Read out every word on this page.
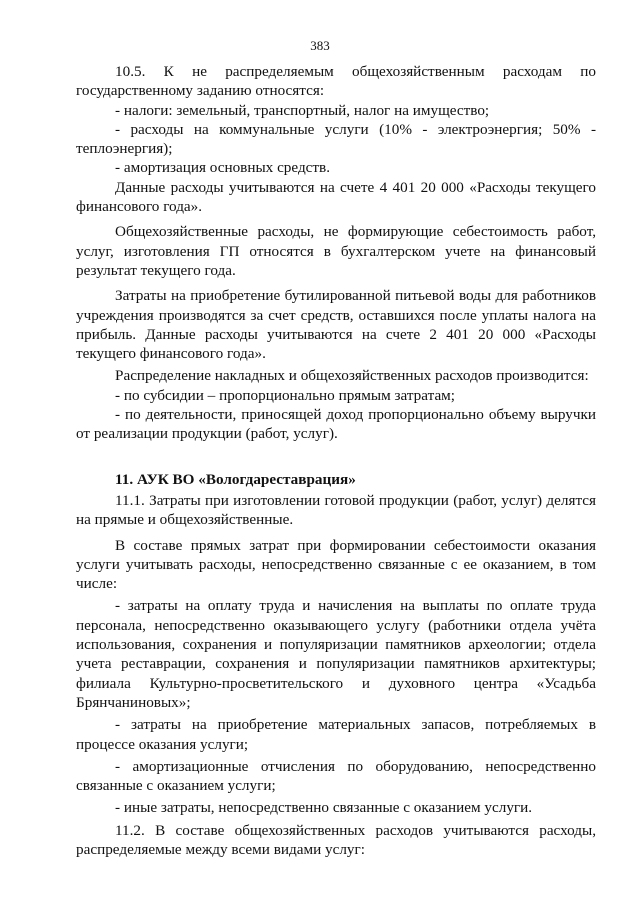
383

10.5. К не распределяемым общехозяйственным расходам по государственному заданию относятся:

- налоги: земельный, транспортный, налог на имущество;

- расходы на коммунальные услуги (10% - электроэнергия; 50% - теплоэнергия);

- амортизация основных средств.

Данные расходы учитываются на счете 4 401 20 000 «Расходы текущего финансового года».

Общехозяйственные расходы, не формирующие себестоимость работ, услуг, изготовления ГП относятся в бухгалтерском учете на финансовый результат текущего года.

Затраты на приобретение бутилированной питьевой воды для работников учреждения производятся за счет средств, оставшихся после уплаты налога на прибыль. Данные расходы учитываются на счете 2 401 20 000 «Расходы текущего финансового года».

Распределение накладных и общехозяйственных расходов производится:

- по субсидии – пропорционально прямым затратам;

- по деятельности, приносящей доход пропорционально объему выручки от реализации продукции (работ, услуг).

11. АУК ВО «Вологдареставрация»

11.1. Затраты при изготовлении готовой продукции (работ, услуг) делятся на прямые и общехозяйственные.

В составе прямых затрат при формировании себестоимости оказания услуги учитывать расходы, непосредственно связанные с ее оказанием, в том числе:

- затраты на оплату труда и начисления на выплаты по оплате труда персонала, непосредственно оказывающего услугу (работники отдела учёта использования, сохранения и популяризации памятников археологии; отдела учета реставрации, сохранения и популяризации памятников архитектуры; филиала Культурно-просветительского и духовного центра «Усадьба Брянчаниновых»;

- затраты на приобретение материальных запасов, потребляемых в процессе оказания услуги;

- амортизационные отчисления по оборудованию, непосредственно связанные с оказанием услуги;

- иные затраты, непосредственно связанные с оказанием услуги.

11.2. В составе общехозяйственных расходов учитываются расходы, распределяемые между всеми видами услуг:
